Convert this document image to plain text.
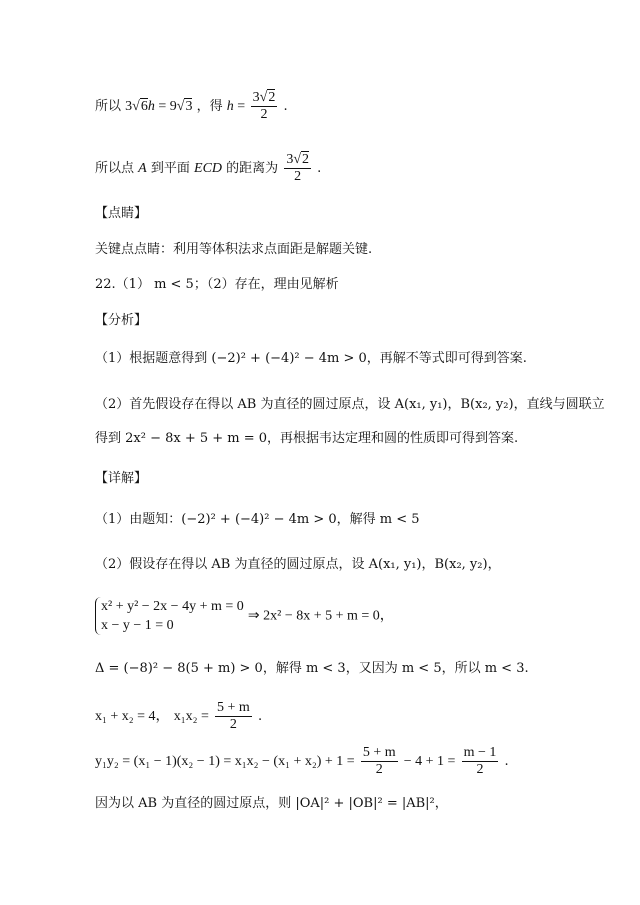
所以 3√6h = 9√3 ，得 $h = \frac{3√2}{2}$ .
所以点 A 到平面 ECD 的距离为 $\frac{3√2}{2}$ .
【点睛】
关键点点睛：利用等体积法求点面距是解题关键.
22.（1） m < 5；（2）存在，理由见解析
【分析】
（1）根据题意得到 (−2)² + (−4)² − 4m > 0，再解不等式即可得到答案.
（2）首先假设存在得以 AB 为直径的圆过原点，设 A(x₁, y₁)，B(x₂, y₂)，直线与圆联立
得到 2x² − 8x + 5 + m = 0，再根据韦达定理和圆的性质即可得到答案.
【详解】
（1）由题知：(−2)² + (−4)² − 4m > 0，解得 m < 5
（2）假设存在得以 AB 为直径的圆过原点，设 A(x₁, y₁)，B(x₂, y₂)，
x² + y² − 2x − 4y + m = 0
x − y − 1 = 0
⇒ 2x² − 8x + 5 + m = 0，
Δ = (−8)² − 8(5 + m) > 0，解得 m < 3，又因为 m < 5，所以 m < 3.
x₁ + x₂ = 4， $x_1x_2 = \frac{5 + m}{2}$ .
$y_1y_2 = (x_1 - 1)(x_2 - 1) = x_1x_2 - (x_1 + x_2) + 1 = \frac{5 + m}{2} - 4 + 1 = \frac{m - 1}{2}$ .
因为以 AB 为直径的圆过原点，则 |OA|² + |OB|² = |AB|²，
